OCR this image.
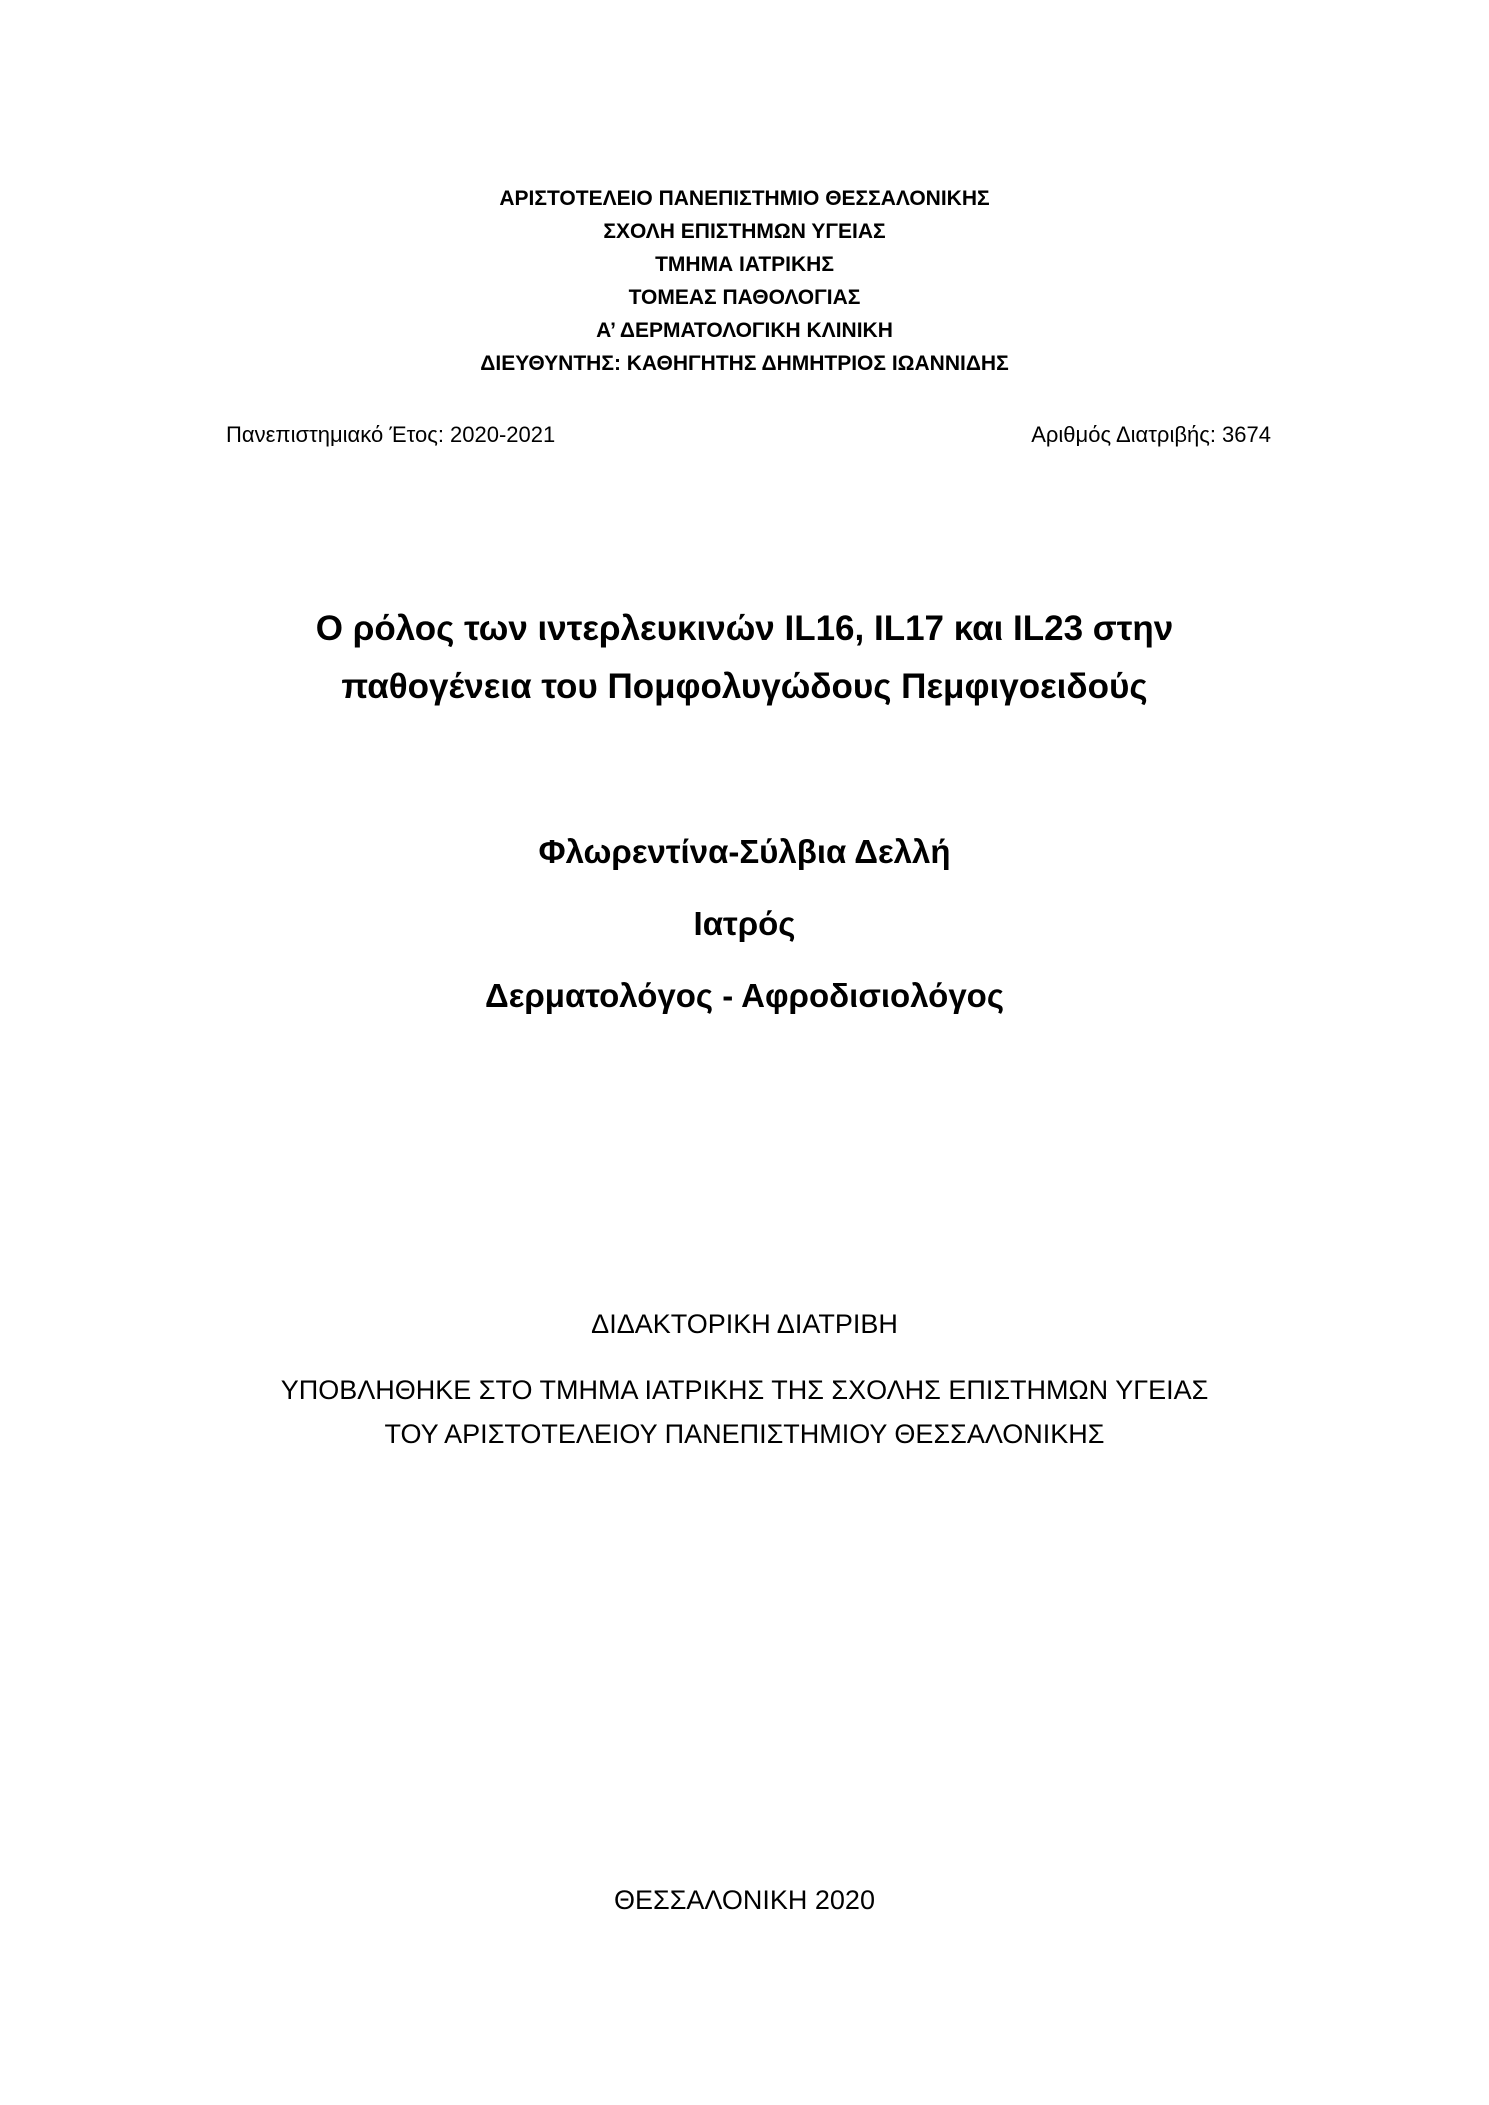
ΑΡΙΣΤΟΤΕΛΕΙΟ ΠΑΝΕΠΙΣΤΗΜΙΟ ΘΕΣΣΑΛΟΝΙΚΗΣ
ΣΧΟΛΗ ΕΠΙΣΤΗΜΩΝ ΥΓΕΙΑΣ
ΤΜΗΜΑ ΙΑΤΡΙΚΗΣ
ΤΟΜΕΑΣ ΠΑΘΟΛΟΓΙΑΣ
Α’ ΔΕΡΜΑΤΟΛΟΓΙΚΗ ΚΛΙΝΙΚΗ
ΔΙΕΥΘΥΝΤΗΣ: ΚΑΘΗΓΗΤΗΣ ΔΗΜΗΤΡΙΟΣ ΙΩΑΝΝΙΔΗΣ
Πανεπιστημιακό Έτος: 2020-2021	Αριθμός Διατριβής: 3674
Ο ρόλος των ιντερλευκινών IL16, IL17 και IL23 στην
παθογένεια του Πομφολυγώδους Πεμφιγοειδούς
Φλωρεντίνα-Σύλβια Δελλή
Ιατρός
Δερματολόγος - Αφροδισιολόγος
ΔΙΔΑΚΤΟΡΙΚΗ ΔΙΑΤΡΙΒΗ
ΥΠΟΒΛΗΘΗΚΕ ΣΤΟ ΤΜΗΜΑ ΙΑΤΡΙΚΗΣ ΤΗΣ ΣΧΟΛΗΣ ΕΠΙΣΤΗΜΩΝ ΥΓΕΙΑΣ
ΤΟΥ ΑΡΙΣΤΟΤΕΛΕΙΟΥ ΠΑΝΕΠΙΣΤΗΜΙΟΥ ΘΕΣΣΑΛΟΝΙΚΗΣ
ΘΕΣΣΑΛΟΝΙΚΗ 2020
